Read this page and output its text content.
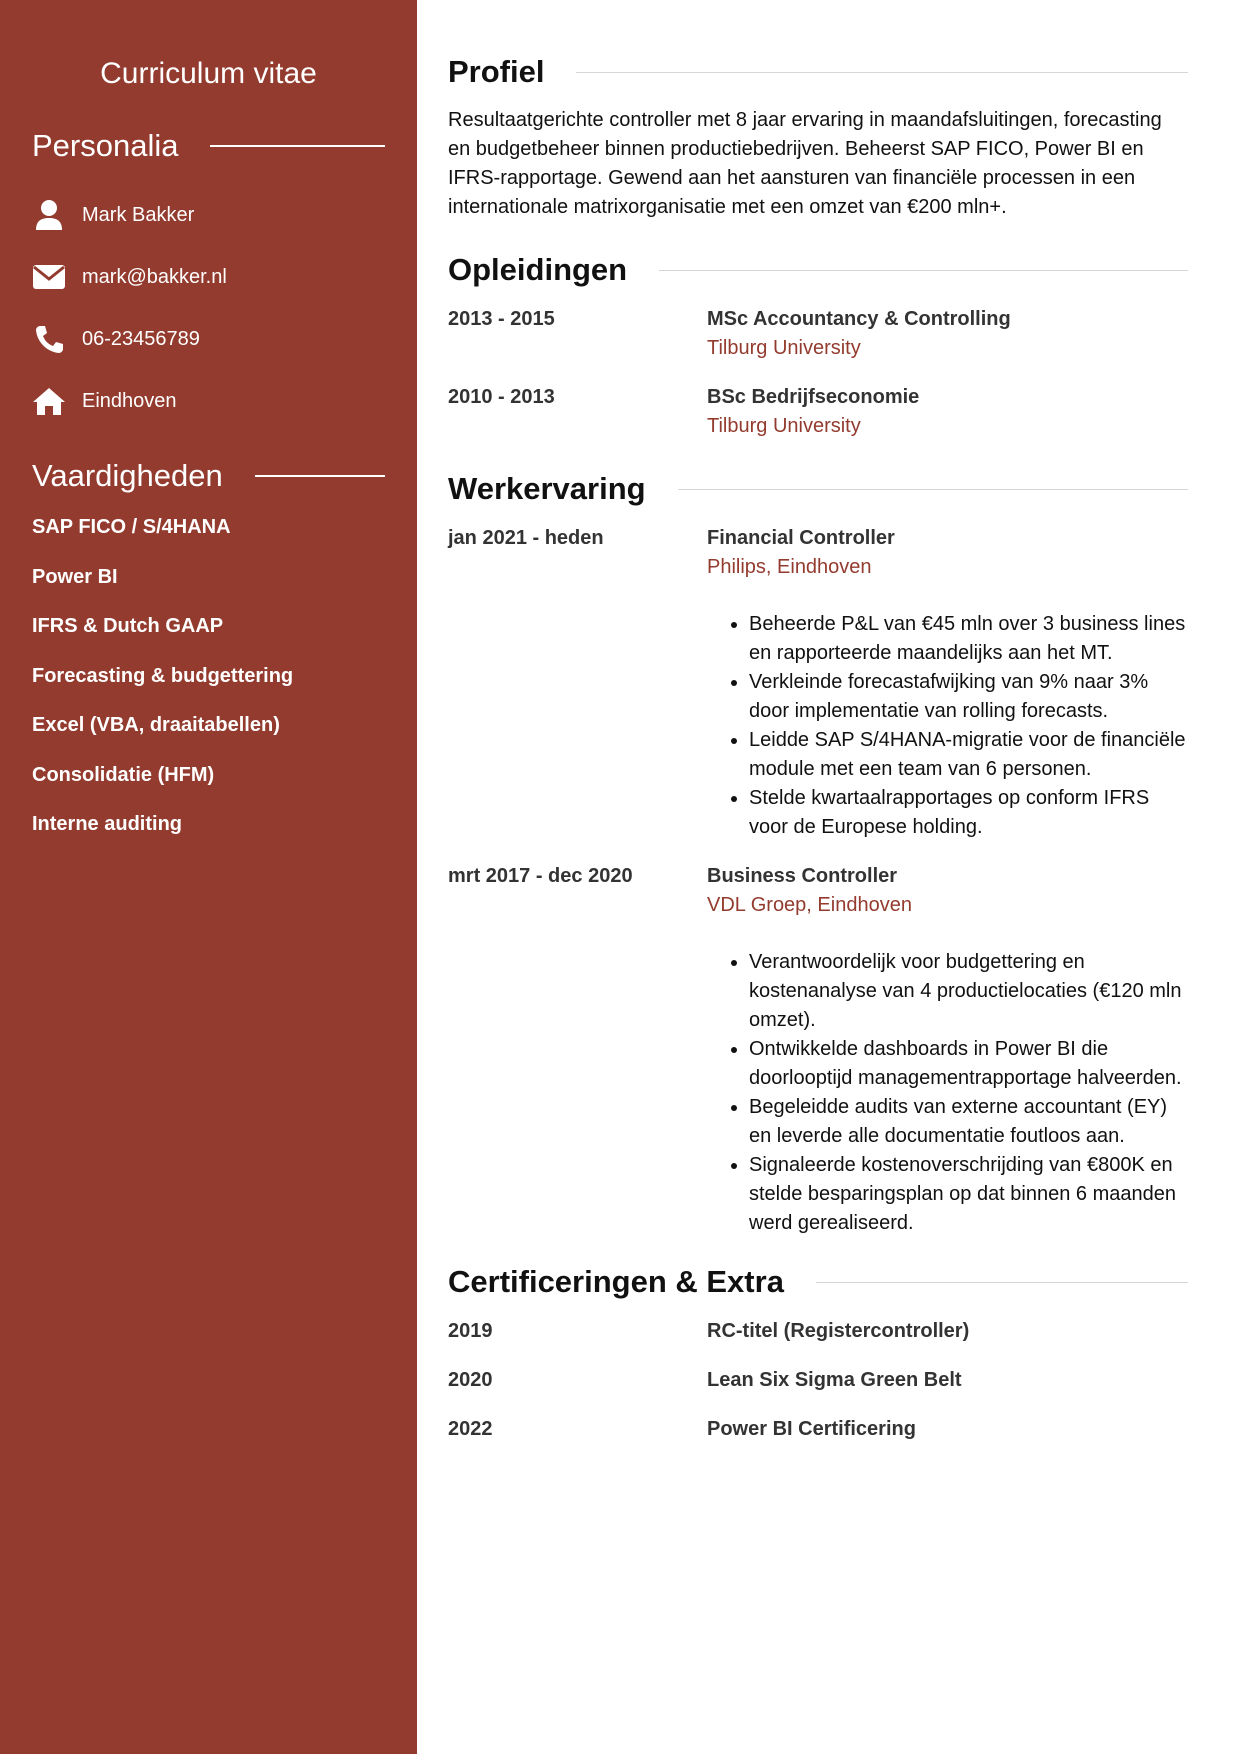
Curriculum vitae
Personalia
Mark Bakker
mark@bakker.nl
06-23456789
Eindhoven
Vaardigheden
SAP FICO / S/4HANA
Power BI
IFRS & Dutch GAAP
Forecasting & budgettering
Excel (VBA, draaitabellen)
Consolidatie (HFM)
Interne auditing
Profiel

Resultaatgerichte controller met 8 jaar ervaring in maandafsluitingen, forecasting en budgetbeheer binnen productiebedrijven. Beheerst SAP FICO, Power BI en IFRS-rapportage. Gewend aan het aansturen van financiële processen in een internationale matrixorganisatie met een omzet van €200 mln+.

Opleidingen
2013 - 2015	MSc Accountancy & Controlling
Tilburg University
2010 - 2013	BSc Bedrijfseconomie
Tilburg University
Werkervaring
jan 2021 - heden	Financial Controller
Philips, Eindhoven
• Beheerde P&L van €45 mln over 3 business lines en rapporteerde maandelijks aan het MT.
• Verkleinde forecastafwijking van 9% naar 3% door implementatie van rolling forecasts.
• Leidde SAP S/4HANA-migratie voor de financiële module met een team van 6 personen.
• Stelde kwartaalrapportages op conform IFRS voor de Europese holding.
mrt 2017 - dec 2020	Business Controller
VDL Groep, Eindhoven
• Verantwoordelijk voor budgettering en kostenanalyse van 4 productielocaties (€120 mln omzet).
• Ontwikkelde dashboards in Power BI die doorlooptijd managementrapportage halveerden.
• Begeleidde audits van externe accountant (EY) en leverde alle documentatie foutloos aan.
• Signaleerde kostenoverschrijding van €800K en stelde besparingsplan op dat binnen 6 maanden werd gerealiseerd.
Certificeringen & Extra
2019	RC-titel (Registercontroller)
2020	Lean Six Sigma Green Belt
2022	Power BI Certificering
